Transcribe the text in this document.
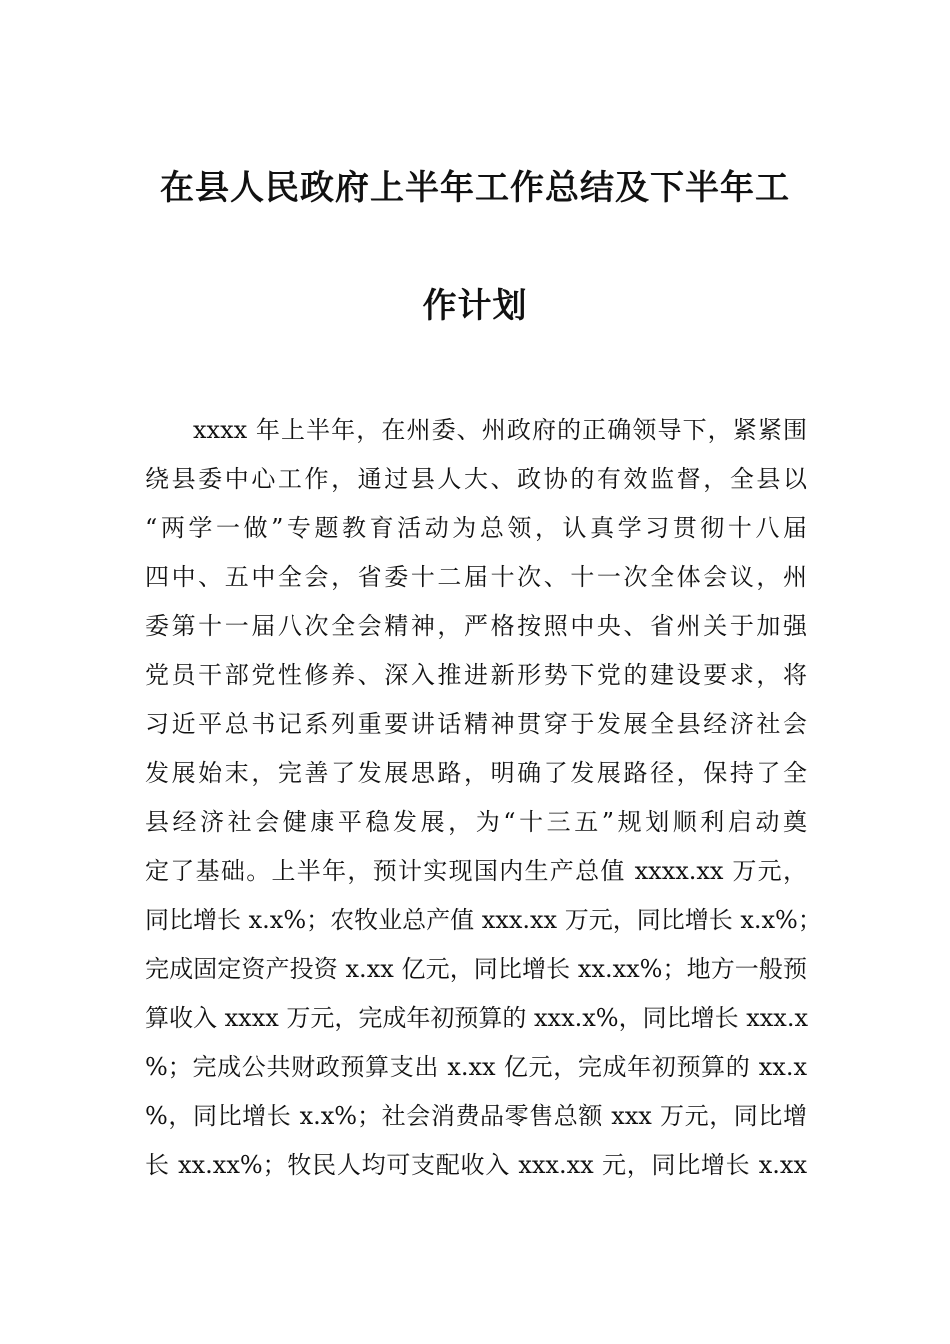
在县人民政府上半年工作总结及下半年工
作计划
xxxx 年上半年，在州委、州政府的正确领导下，紧紧围
绕县委中心工作，通过县人大、政协的有效监督，全县以
“两学一做”专题教育活动为总领，认真学习贯彻十八届
四中、五中全会，省委十二届十次、十一次全体会议，州
委第十一届八次全会精神，严格按照中央、省州关于加强
党员干部党性修养、深入推进新形势下党的建设要求，将
习近平总书记系列重要讲话精神贯穿于发展全县经济社会
发展始末，完善了发展思路，明确了发展路径，保持了全
县经济社会健康平稳发展，为“十三五”规划顺利启动奠
定了基础。上半年，预计实现国内生产总值 xxxx.xx 万元，
同比增长 x.x%；农牧业总产值 xxx.xx 万元，同比增长 x.x%；
完成固定资产投资 x.xx 亿元，同比增长 xx.xx%；地方一般预
算收入 xxxx 万元，完成年初预算的 xxx.x%，同比增长 xxx.x
%；完成公共财政预算支出 x.xx 亿元，完成年初预算的 xx.x
%，同比增长 x.x%；社会消费品零售总额 xxx 万元，同比增
长 xx.xx%；牧民人均可支配收入 xxx.xx 元，同比增长 x.xx
